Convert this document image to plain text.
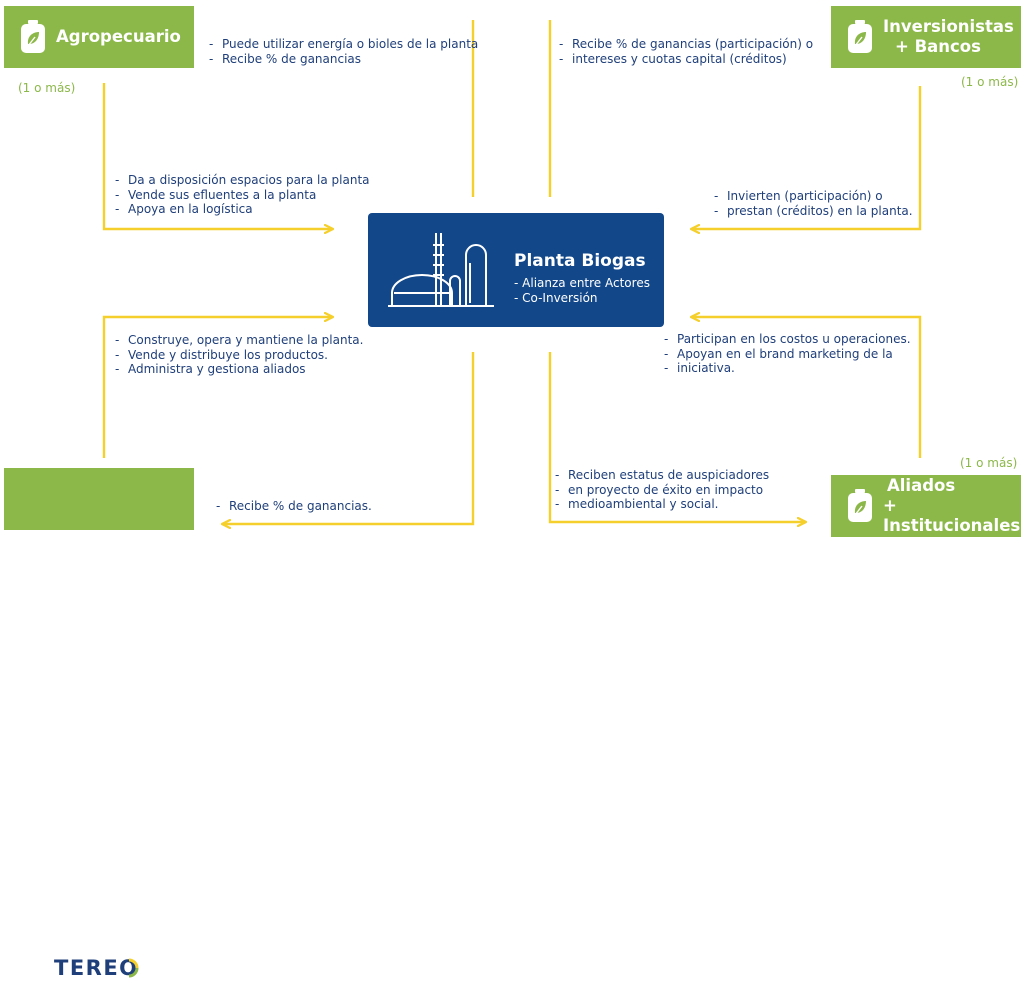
Agropecuario
(1 o más)
Inversionistas
+ Bancos
(1 o más)
TEREO
Aliados
+ Institucionales
(1 o más)
Planta Biogas
- Alianza entre Actores
- Co-Inversión
- Puede utilizar energía o bioles de la planta
- Recibe % de ganancias
- Da a disposición espacios para la planta
- Vende sus efluentes a la planta
- Apoya en la logística
- Recibe % de ganancias (participación) o
- intereses y cuotas capital (créditos)
- Invierten (participación) o
- prestan (créditos) en la planta.
- Construye, opera y mantiene la planta.
- Vende y distribuye los productos.
- Administra y gestiona aliados
- Recibe % de ganancias.
- Participan en los costos u operaciones.
- Apoyan en el brand marketing de la
- iniciativa.
- Reciben estatus de auspiciadores
- en proyecto de éxito en impacto
- medioambiental y social.
